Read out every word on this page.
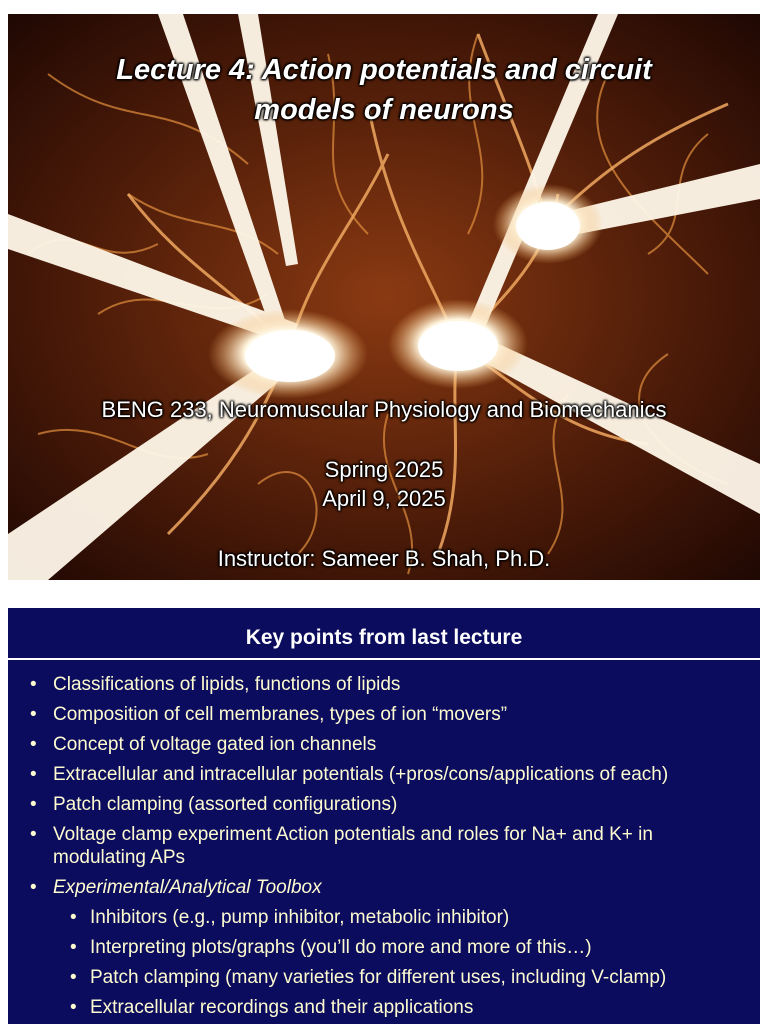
Lecture 4: Action potentials and circuit
models of neurons
BENG 233, Neuromuscular Physiology and Biomechanics
Spring 2025
April 9, 2025
Instructor: Sameer B. Shah, Ph.D.
Key points from last lecture
• Classifications of lipids, functions of lipids
• Composition of cell membranes, types of ion “movers”
• Concept of voltage gated ion channels
• Extracellular and intracellular potentials (+pros/cons/applications of each)
• Patch clamping (assorted configurations)
• Voltage clamp experiment Action potentials and roles for Na+ and K+ in modulating APs
• Experimental/Analytical Toolbox
• Inhibitors (e.g., pump inhibitor, metabolic inhibitor)
• Interpreting plots/graphs (you’ll do more and more of this…)
• Patch clamping (many varieties for different uses, including V-clamp)
• Extracellular recordings and their applications
